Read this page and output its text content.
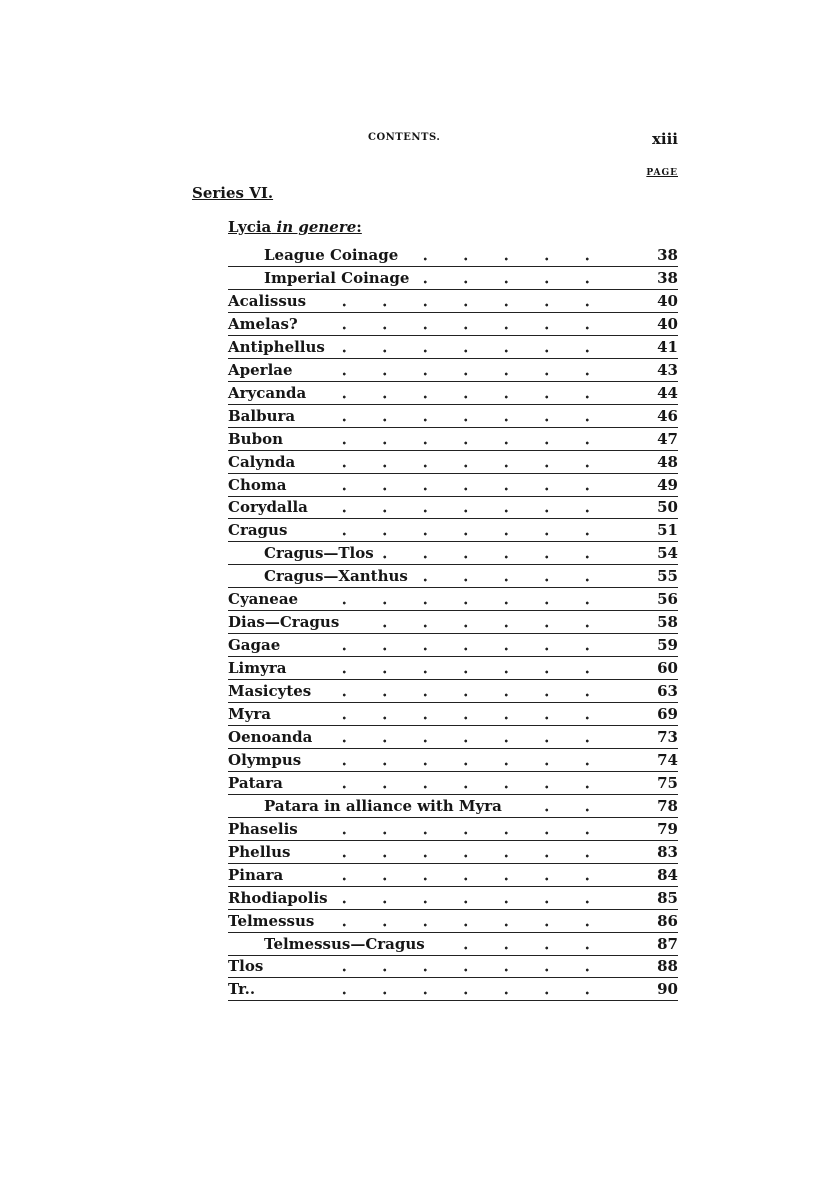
CONTENTS.	xiii
PAGE
Series VI.
Lycia in genere:
League Coinage	38
Imperial Coinage	38
Acalissus	40
Amelas?	40
Antiphellus	41
Aperlae	43
Arycanda	44
Balbura	46
Bubon	47
Calynda	48
Choma	49
Corydalla	50
Cragus	51
Cragus—Tlos	54
Cragus—Xanthus	55
Cyaneae	56
Dias—Cragus	58
Gagae	59
Limyra	60
Masicytes	63
Myra	69
Oenoanda	73
Olympus	74
Patara	75
Patara in alliance with Myra	78
Phaselis	79
Phellus	83
Pinara	84
Rhodiapolis	85
Telmessus	86
Telmessus—Cragus	87
Tlos	88
Tr..	90
